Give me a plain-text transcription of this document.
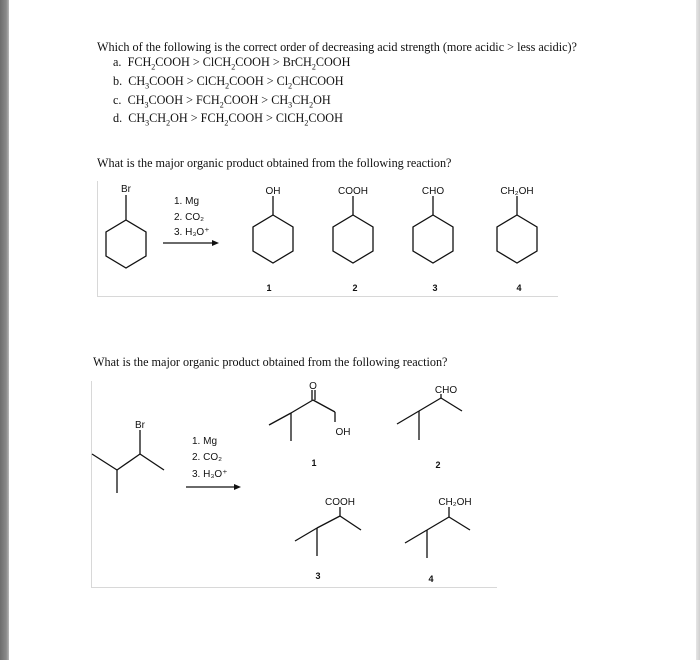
Which of the following is the correct order of decreasing acid strength (more acidic > less acidic)?
a. $FCH_2COOH$ > ClCH$_2$COOH > BrCH$_2$COOH
b. $CH_3COOH$ > ClCH$_2$COOH > $Cl_2CHCOOH$
c. $CH_3COOH$ > $FCH_2COOH > CH_3CH_2OH$
d. $CH_3CH_2OH$ > $FCH_2COOH$ > ClCH$_2$COOH
What is the major organic product obtained from the following reaction?
Br
1. Mg
2. CO₂
3. H₃O⁺
OH	COOH	CHO	CH₂OH
1	2	3	4
What is the major organic product obtained from the following reaction?
Br
1. Mg
2. CO₂
3. H₃O⁺
O
OH
CHO
COOH	CH₂OH
1	2
3	4
